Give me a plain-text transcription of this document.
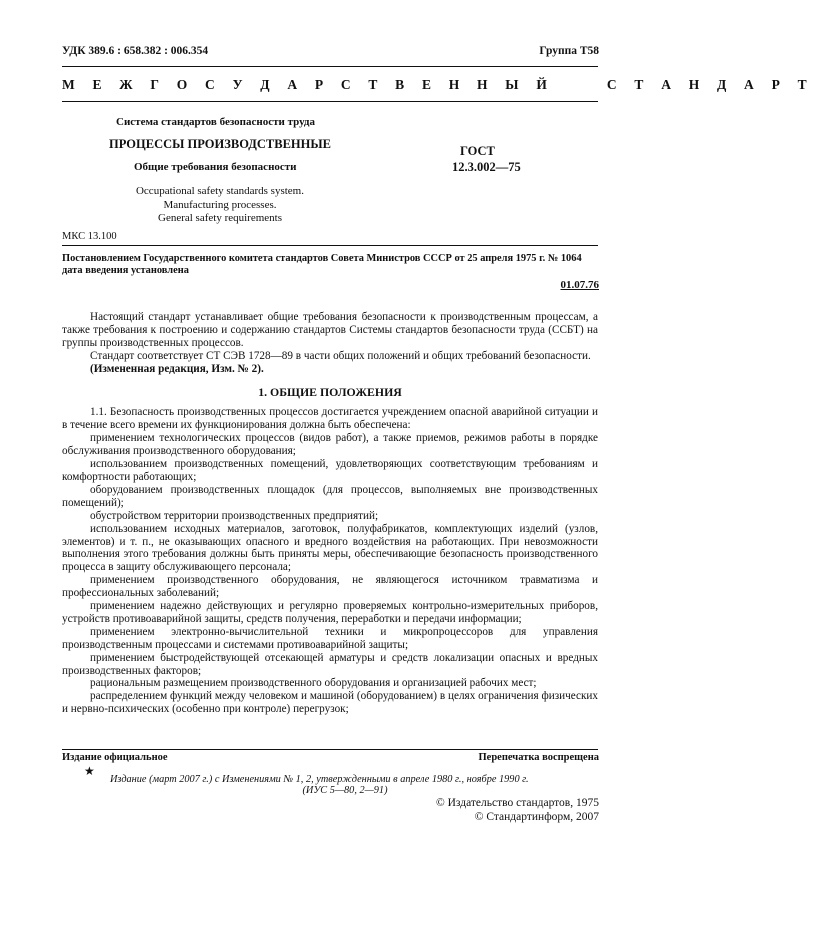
УДК 389.6 : 658.382 : 006.354	Группа Т58
М Е Ж Г О С У Д А Р С Т В Е Н Н Ы Й     С Т А Н Д А Р Т
Система стандартов безопасности труда
ПРОЦЕССЫ ПРОИЗВОДСТВЕННЫЕ
Общие требования безопасности
Occupational safety standards system.
Manufacturing processes.
General safety requirements
ГОСТ
12.3.002—75
МКС 13.100
Постановлением Государственного комитета стандартов Совета Министров СССР от 25 апреля 1975 г. № 1064 дата введения установлена
01.07.76

Настоящий стандарт устанавливает общие требования безопасности к производственным процессам, а также требования к построению и содержанию стандартов Системы стандартов безопасности труда (ССБТ) на группы производственных процессов.

Стандарт соответствует СТ СЭВ 1728—89 в части общих положений и общих требований безопасности.

(Измененная редакция, Изм. № 2).

1. ОБЩИЕ ПОЛОЖЕНИЯ

1.1. Безопасность производственных процессов достигается учреждением опасной аварийной ситуации и в течение всего времени их функционирования должна быть обеспечена:

применением технологических процессов (видов работ), а также приемов, режимов работы в порядке обслуживания производственного оборудования;

использованием производственных помещений, удовлетворяющих соответствующим требованиям и комфортности работающих;

оборудованием производственных площадок (для процессов, выполняемых вне производственных помещений);

обустройством территории производственных предприятий;

использованием исходных материалов, заготовок, полуфабрикатов, комплектующих изделий (узлов, элементов) и т. п., не оказывающих опасного и вредного воздействия на работающих. При невозможности выполнения этого требования должны быть приняты меры, обеспечивающие безопасность производственного процесса в защиту обслуживающего персонала;

применением производственного оборудования, не являющегося источником травматизма и профессиональных заболеваний;

применением надежно действующих и регулярно проверяемых контрольно-измерительных приборов, устройств противоаварийной защиты, средств получения, переработки и передачи информации;

применением электронно-вычислительной техники и микропроцессоров для управления производственным процессами и системами противоаварийной защиты;

применением быстродействующей отсекающей арматуры и средств локализации опасных и вредных производственных факторов;

рациональным размещением производственного оборудования и организацией рабочих мест;

распределением функций между человеком и машиной (оборудованием) в целях ограничения физических и нервно-психических (особенно при контроле) перегрузок;

Издание официальное	Перепечатка воспрещена
★
Издание (март 2007 г.) с Изменениями № 1, 2, утвержденными в апреле 1980 г., ноябре 1990 г.
(ИУС 5—80, 2—91)
© Издательство стандартов, 1975
© Стандартинформ, 2007
